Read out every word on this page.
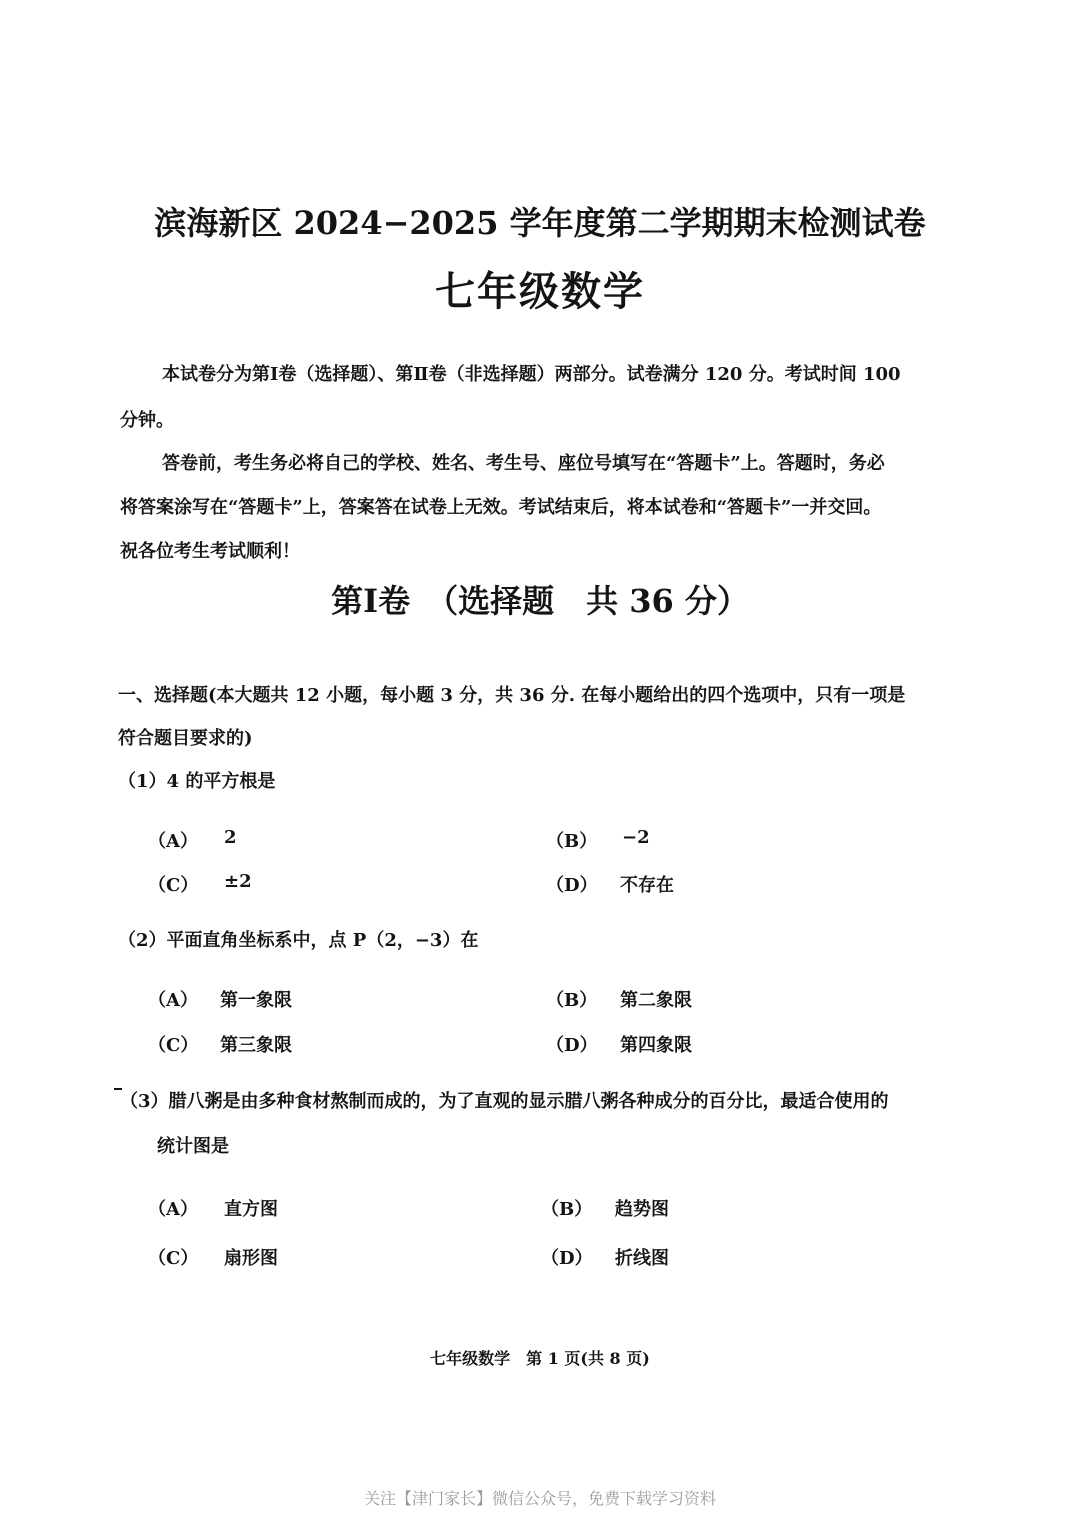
滨海新区 2024−2025 学年度第二学期期末检测试卷
七年级数学
本试卷分为第Ⅰ卷（选择题）、第Ⅱ卷（非选择题）两部分。试卷满分 120 分。考试时间 100
分钟。
答卷前，考生务必将自己的学校、姓名、考生号、座位号填写在“答题卡”上。答题时，务必
将答案涂写在“答题卡”上，答案答在试卷上无效。考试结束后，将本试卷和“答题卡”一并交回。
祝各位考生考试顺利！
第Ⅰ卷　（选择题　共 36 分）
一、选择题(本大题共 12 小题，每小题 3 分，共 36 分. 在每小题给出的四个选项中，只有一项是
符合题目要求的)
（1）4 的平方根是
（A） 2	（B） −2
（C） ±2	（D） 不存在
（2）平面直角坐标系中，点 P（2，−3）在
（A） 第一象限	（B） 第二象限
（C） 第三象限	（D） 第四象限
（3）腊八粥是由多种食材熬制而成的，为了直观的显示腊八粥各种成分的百分比，最适合使用的
统计图是
（A） 直方图	（B） 趋势图
（C） 扇形图	（D） 折线图
七年级数学　第 1 页(共 8 页)
关注【津门家长】微信公众号，免费下载学习资料
